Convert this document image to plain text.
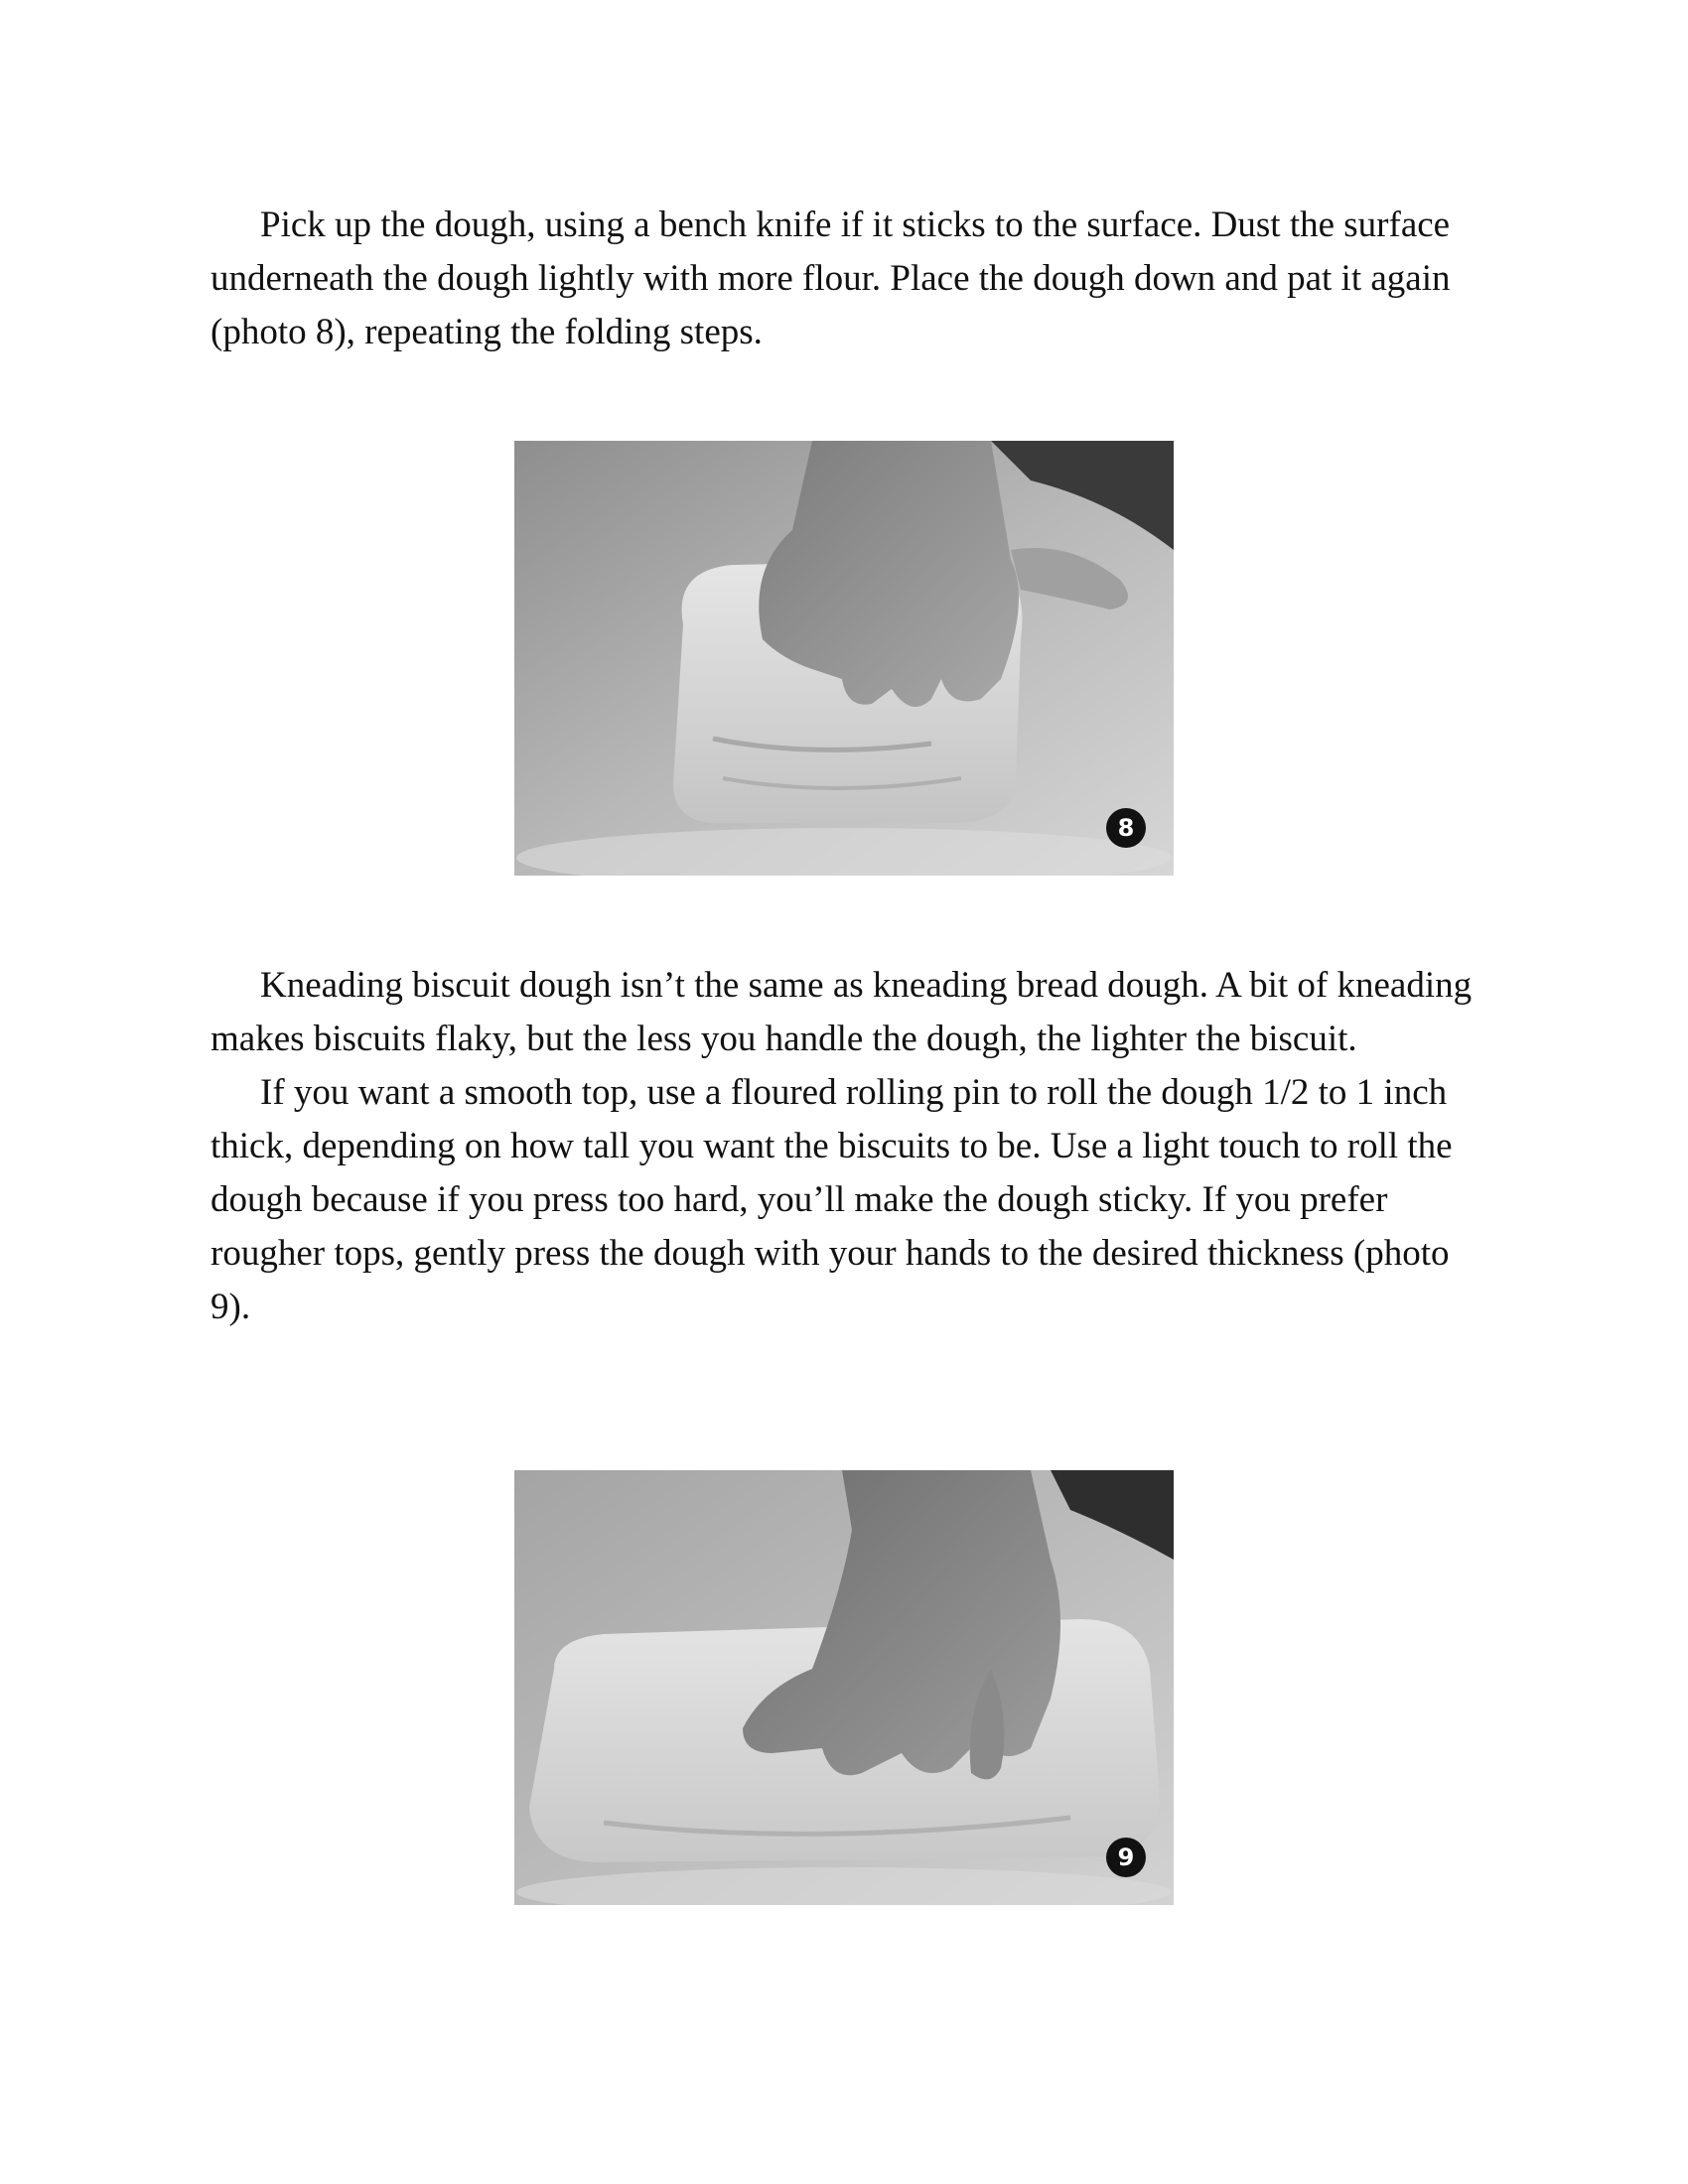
Pick up the dough, using a bench knife if it sticks to the surface. Dust the surface underneath the dough lightly with more flour. Place the dough down and pat it again (photo 8), repeating the folding steps.

8

Kneading biscuit dough isn’t the same as kneading bread dough. A bit of kneading makes biscuits flaky, but the less you handle the dough, the lighter the biscuit.

If you want a smooth top, use a floured rolling pin to roll the dough 1/2 to 1 inch thick, depending on how tall you want the biscuits to be. Use a light touch to roll the dough because if you press too hard, you’ll make the dough sticky. If you prefer rougher tops, gently press the dough with your hands to the desired thickness (photo 9).

9
